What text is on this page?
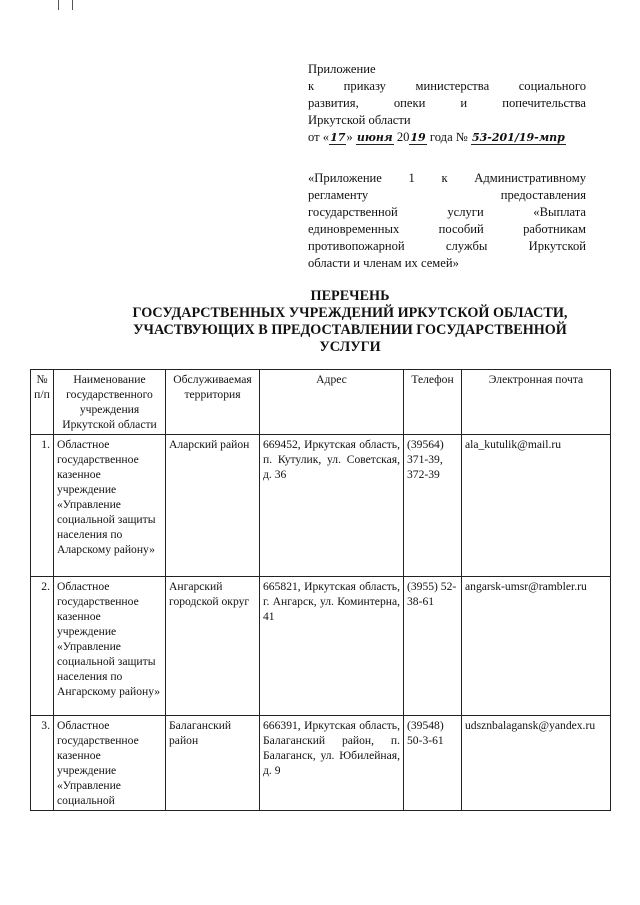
Приложение
к приказу министерства социального
развития, опеки и попечительства
Иркутской области
от «17» июня 2019 года № 53-201/19-мпр
«Приложение 1 к Административному
регламенту предоставления
государственной услуги «Выплата
единовременных пособий работникам
противопожарной службы Иркутской
области и членам их семей»
ПЕРЕЧЕНЬ
ГОСУДАРСТВЕННЫХ УЧРЕЖДЕНИЙ ИРКУТСКОЙ ОБЛАСТИ,
УЧАСТВУЮЩИХ В ПРЕДОСТАВЛЕНИИ ГОСУДАРСТВЕННОЙ
УСЛУГИ
№ п/п	Наименование государственного учреждения Иркутской области	Обслуживаемая территория	Адрес	Телефон	Электронная почта
1.	Областное государственное казенное учреждение «Управление социальной защиты населения по Аларскому району»	Аларский район	669452, Иркутская область, п. Кутулик, ул. Советская, д. 36	(39564) 371-39, 372-39	ala_kutulik@mail.ru
2.	Областное государственное казенное учреждение «Управление социальной защиты населения по Ангарскому району»	Ангарский городской округ	665821, Иркутская область, г. Ангарск, ул. Коминтерна, 41	(3955) 52-38-61	angarsk-umsr@rambler.ru
3.	Областное государственное казенное учреждение «Управление социальной	Балаганский район	666391, Иркутская область, Балаганский район, п. Балаганск, ул. Юбилейная, д. 9	(39548) 50-3-61	udsznbalagansk@yandex.ru
